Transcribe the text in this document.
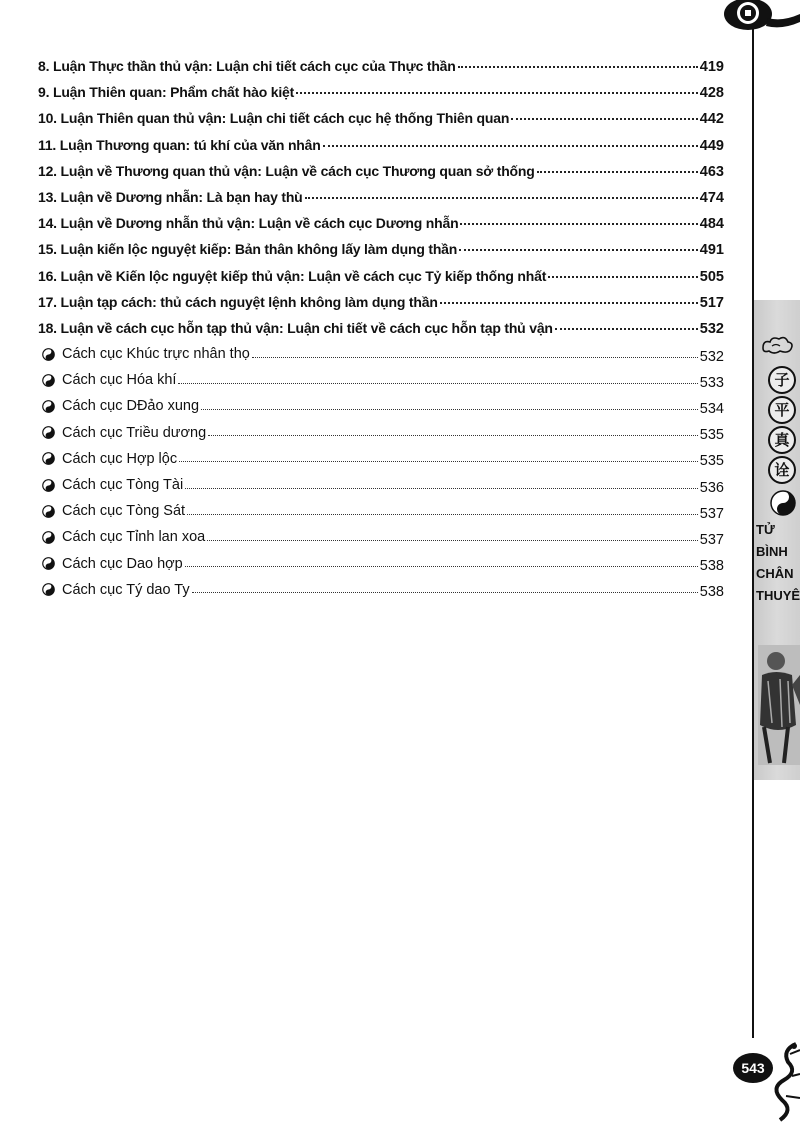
子
平
真
诠
TỬ
BÌNH
CHÂN
THUYÊ
8. Luận Thực thần thủ vận: Luận chi tiết cách cục của Thực thần	419
9. Luận Thiên quan: Phẩm chất hào kiệt	428
10. Luận Thiên quan thủ vận: Luận chi tiết cách cục hệ thống Thiên quan	442
11. Luận Thương quan: tú khí của văn nhân	449
12. Luận về Thương quan thủ vận: Luận về cách cục Thương quan sở thống	463
13. Luận về Dương nhẫn: Là bạn hay thù	474
14. Luận về Dương nhẫn thủ vận: Luận về cách cục Dương nhẫn	484
15. Luận kiến lộc nguyệt kiếp: Bản thân không lấy làm dụng thần	491
16. Luận về Kiến lộc nguyệt kiếp thủ vận: Luận về cách cục Tỷ kiếp thống nhất	505
17. Luận tạp cách: thủ cách nguyệt lệnh không làm dụng thần	517
18. Luận về cách cục hỗn tạp thủ vận: Luận chi tiết về cách cục hỗn tạp thủ vận	532
Cách cục Khúc trực nhân thọ	532
Cách cục Hóa khí	533
Cách cục DĐảo xung	534
Cách cục Triều dương	535
Cách cục Hợp lộc	535
Cách cục Tòng Tài	536
Cách cục Tòng Sát	537
Cách cục Tỉnh lan xoa	537
Cách cục Dao hợp	538
Cách cục Tý dao Ty	538
543
